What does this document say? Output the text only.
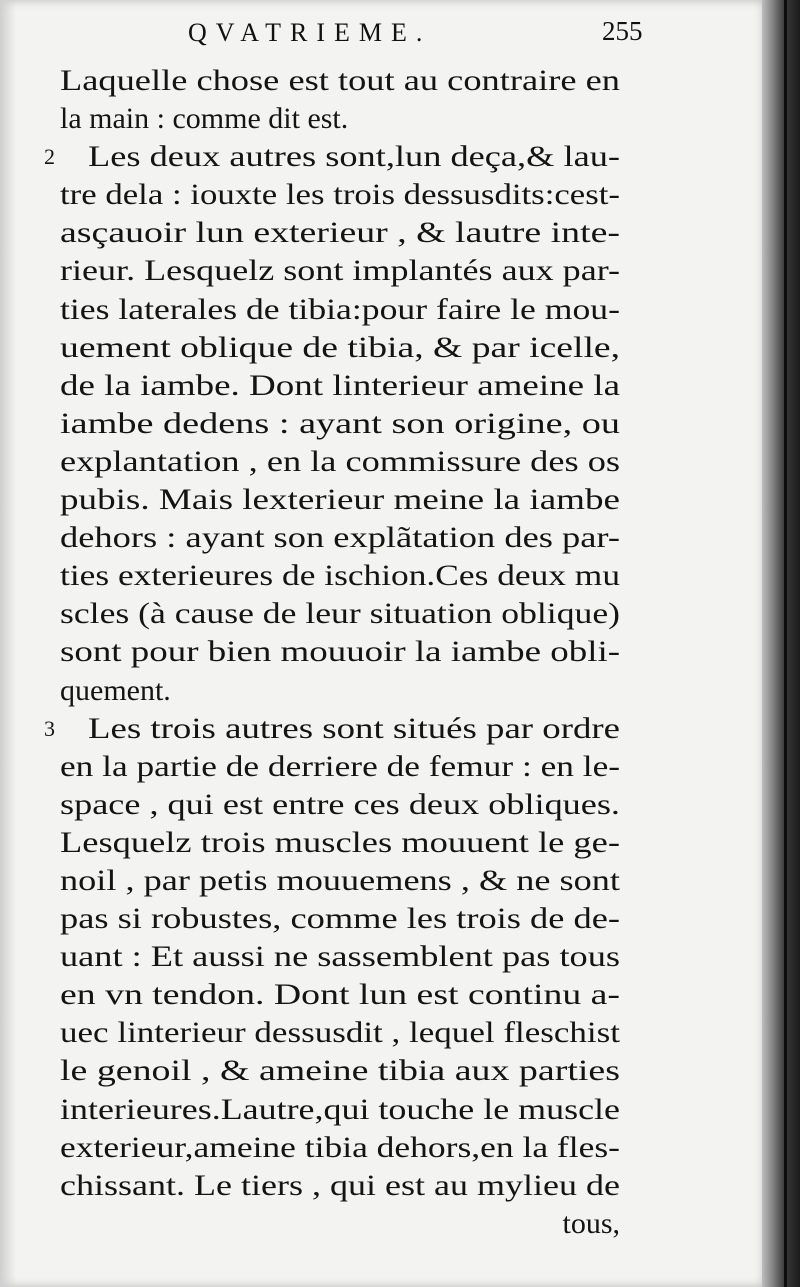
QVATRIEME.	255
Laquelle chose est tout au contraire en
la main : comme dit est.
2 Les deux autres sont,lun deça,& lau-
tre dela : iouxte les trois dessusdits:cest-
asçauoir lun exterieur , & lautre inte-
rieur. Lesquelz sont implantés aux par-
ties laterales de tibia:pour faire le mou-
uement oblique de tibia, & par icelle,
de la iambe. Dont linterieur ameine la
iambe dedens : ayant son origine, ou
explantation , en la commissure des os
pubis. Mais lexterieur meine la iambe
dehors : ayant son explãtation des par-
ties exterieures de ischion.Ces deux mu
scles (à cause de leur situation oblique)
sont pour bien mouuoir la iambe obli-
quement.
3 Les trois autres sont situés par ordre
en la partie de derriere de femur : en le-
space , qui est entre ces deux obliques.
Lesquelz trois muscles mouuent le ge-
noil , par petis mouuemens , & ne sont
pas si robustes, comme les trois de de-
uant : Et aussi ne sassemblent pas tous
en vn tendon. Dont lun est continu a-
uec linterieur dessusdit , lequel fleschist
le genoil , & ameine tibia aux parties
interieures.Lautre,qui touche le muscle
exterieur,ameine tibia dehors,en la fles-
chissant. Le tiers , qui est au mylieu de
tous,
